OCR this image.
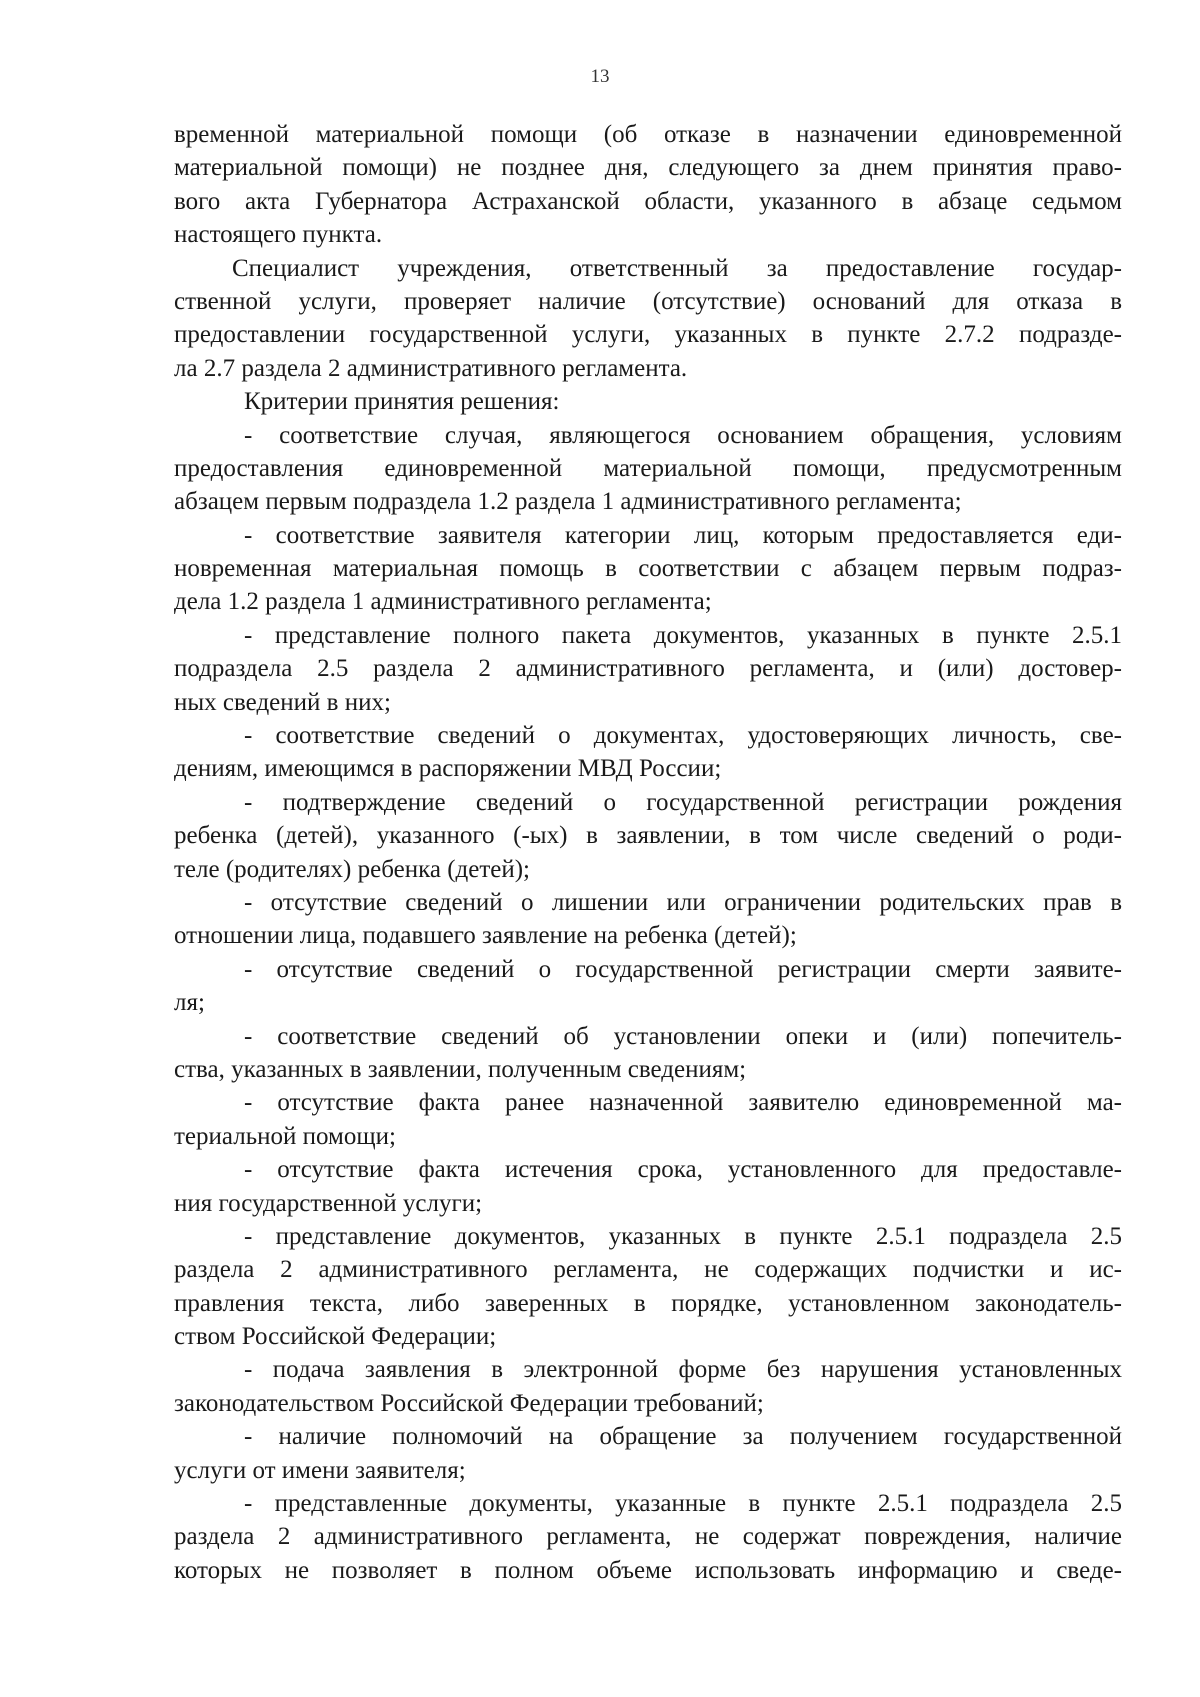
13
временной материальной помощи (об отказе в назначении единовременной
материальной помощи) не позднее дня, следующего за днем принятия право-
вого акта Губернатора Астраханской области, указанного в абзаце седьмом
настоящего пункта.
Специалист учреждения, ответственный за предоставление государ-
ственной услуги, проверяет наличие (отсутствие) оснований для отказа в
предоставлении государственной услуги, указанных в пункте 2.7.2 подразде-
ла 2.7 раздела 2 административного регламента.
Критерии принятия решения:
- соответствие случая, являющегося основанием обращения, условиям
предоставления единовременной материальной помощи, предусмотренным
абзацем первым подраздела 1.2 раздела 1 административного регламента;
- соответствие заявителя категории лиц, которым предоставляется еди-
новременная материальная помощь в соответствии с абзацем первым подраз-
дела 1.2 раздела 1 административного регламента;
- представление полного пакета документов, указанных в пункте 2.5.1
подраздела 2.5 раздела 2 административного регламента, и (или) достовер-
ных сведений в них;
- соответствие сведений о документах, удостоверяющих личность, све-
дениям, имеющимся в распоряжении МВД России;
- подтверждение сведений о государственной регистрации рождения
ребенка (детей), указанного (-ых) в заявлении, в том числе сведений о роди-
теле (родителях) ребенка (детей);
- отсутствие сведений о лишении или ограничении родительских прав в
отношении лица, подавшего заявление на ребенка (детей);
- отсутствие сведений о государственной регистрации смерти заявите-
ля;
- соответствие сведений об установлении опеки и (или) попечитель-
ства, указанных в заявлении, полученным сведениям;
- отсутствие факта ранее назначенной заявителю единовременной ма-
териальной помощи;
- отсутствие факта истечения срока, установленного для предоставле-
ния государственной услуги;
- представление документов, указанных в пункте 2.5.1 подраздела 2.5
раздела 2 административного регламента, не содержащих подчистки и ис-
правления текста, либо заверенных в порядке, установленном законодатель-
ством Российской Федерации;
- подача заявления в электронной форме без нарушения установленных
законодательством Российской Федерации требований;
- наличие полномочий на обращение за получением государственной
услуги от имени заявителя;
- представленные документы, указанные в пункте 2.5.1 подраздела 2.5
раздела 2 административного регламента, не содержат повреждения, наличие
которых не позволяет в полном объеме использовать информацию и сведе-
